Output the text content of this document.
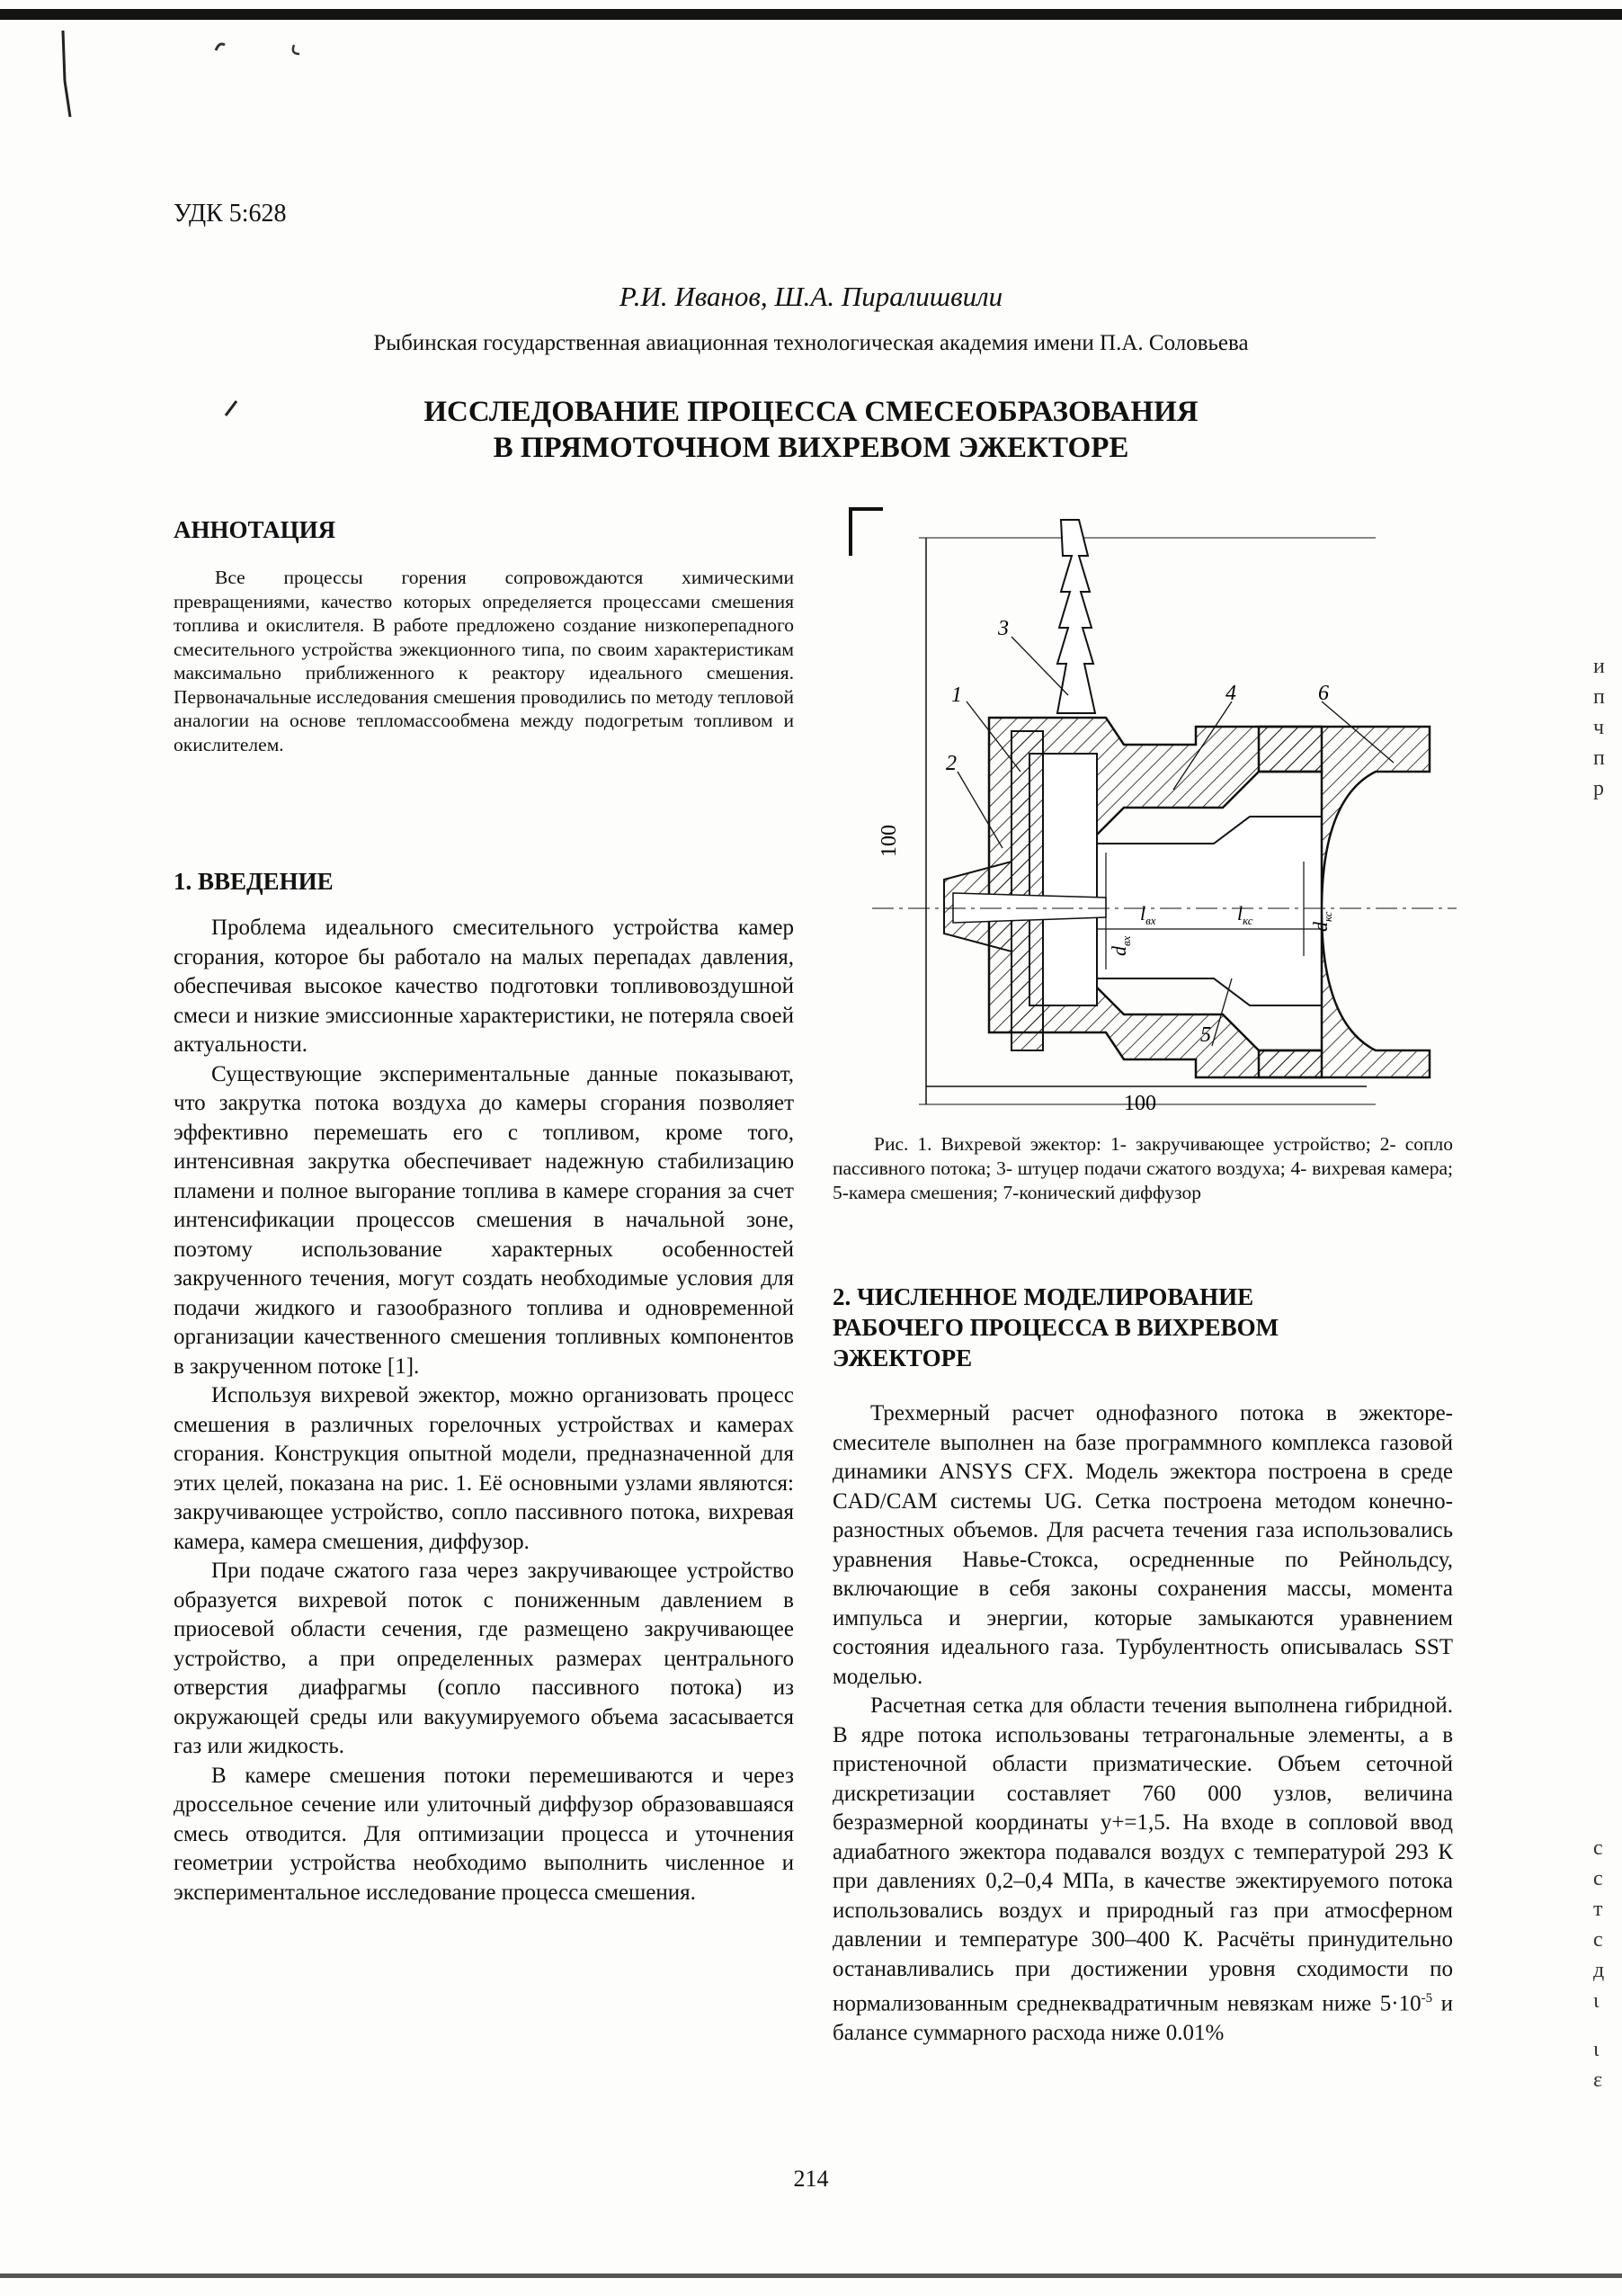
УДК 5:628
Р.И. Иванов, Ш.А. Пиралишвили
Рыбинская государственная авиационная технологическая академия имени П.А. Соловьева
ИССЛЕДОВАНИЕ ПРОЦЕССА СМЕСЕОБРАЗОВАНИЯ
В ПРЯМОТОЧНОМ ВИХРЕВОМ ЭЖЕКТОРЕ
АННОТАЦИЯ

Все процессы горения сопровождаются химическими превращениями, качество которых определяется процессами смешения топлива и окислителя. В работе предложено создание низкоперепадного смесительного устройства эжекционного типа, по своим характеристикам максимально приближенного к реактору идеального смешения. Первоначальные исследования смешения проводились по методу тепловой аналогии на основе тепломассообмена между подогретым топливом и окислителем.

1. ВВЕДЕНИЕ

Проблема идеального смесительного устройства камер сгорания, которое бы работало на малых перепадах давления, обеспечивая высокое качество подготовки топливовоздушной смеси и низкие эмиссионные характеристики, не потеряла своей актуальности.

Существующие экспериментальные данные показывают, что закрутка потока воздуха до камеры сгорания позволяет эффективно перемешать его с топливом, кроме того, интенсивная закрутка обеспечивает надежную стабилизацию пламени и полное выгорание топлива в камере сгорания за счет интенсификации процессов смешения в начальной зоне, поэтому использование характерных особенностей закрученного течения, могут создать необходимые условия для подачи жидкого и газообразного топлива и одновременной организации качественного смешения топливных компонентов в закрученном потоке [1].

Используя вихревой эжектор, можно организовать процесс смешения в различных горелочных устройствах и камерах сгорания. Конструкция опытной модели, предназначенной для этих целей, показана на рис. 1. Её основными узлами являются: закручивающее устройство, сопло пассивного потока, вихревая камера, камера смешения, диффузор.

При подаче сжатого газа через закручивающее устройство образуется вихревой поток с пониженным давлением в приосевой области сечения, где размещено закручивающее устройство, а при определенных размерах центрального отверстия диафрагмы (сопло пассивного потока) из окружающей среды или вакуумируемого объема засасывается газ или жидкость.

В камере смешения потоки перемешиваются и через дроссельное сечение или улиточный диффузор образовавшаяся смесь отводится. Для оптимизации процесса и уточнения геометрии устройства необходимо выполнить численное и экспериментальное исследование процесса смешения.

100
100
$l_{вх}$	$l_{кс}$
$d_{вх}$
$d_{кс}$
1
2
3
4
5
6

Рис. 1. Вихревой эжектор: 1- закручивающее устройство; 2- сопло пассивного потока; 3- штуцер подачи сжатого воздуха; 4- вихревая камера; 5-камера смешения; 7-конический диффузор

2. ЧИСЛЕННОЕ МОДЕЛИРОВАНИЕ
РАБОЧЕГО ПРОЦЕССА В ВИХРЕВОМ
ЭЖЕКТОРЕ

Трехмерный расчет однофазного потока в эжекторе-смесителе выполнен на базе программного комплекса газовой динамики ANSYS CFX. Модель эжектора построена в среде CAD/CAM системы UG. Сетка построена методом конечно-разностных объемов. Для расчета течения газа использовались уравнения Навье-Стокса, осредненные по Рейнольдсу, включающие в себя законы сохранения массы, момента импульса и энергии, которые замыкаются уравнением состояния идеального газа. Турбулентность описывалась SST моделью.

Расчетная сетка для области течения выполнена гибридной. В ядре потока использованы тетрагональные элементы, а в пристеночной области призматические. Объем сеточной дискретизации составляет 760 000 узлов, величина безразмерной координаты y+=1,5. На входе в сопловой ввод адиабатного эжектора подавался воздух с температурой 293 К при давлениях 0,2–0,4 МПа, в качестве эжектируемого потока использовались воздух и природный газ при атмосферном давлении и температуре 300–400 К. Расчёты принудительно останавливались при достижении уровня сходимости по нормализованным среднеквадратичным невязкам ниже $5\cdot 10^{-5}$ и балансе суммарного расхода ниже 0.01%

214
и
п
ч
п
р
с
с
т
с
д
ι
ι
ε
